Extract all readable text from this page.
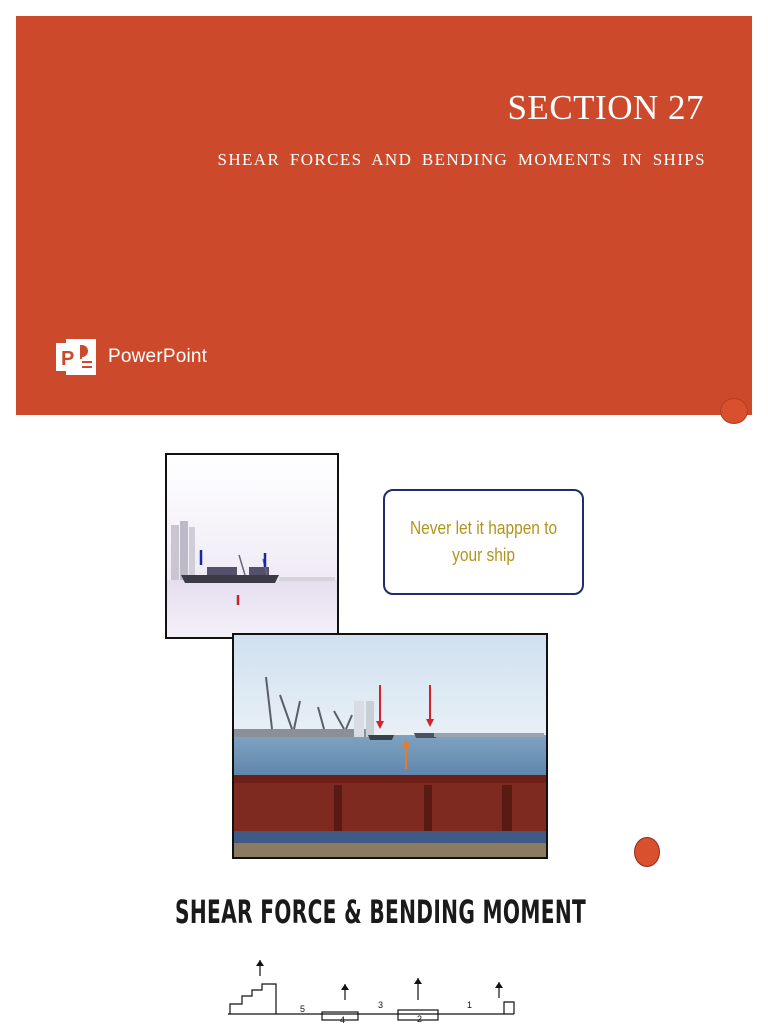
SECTION 27
SHEAR FORCES AND BENDING MOMENTS IN SHIPS
P PowerPoint
Never let it happen to
your ship
SHEAR FORCE & BENDING MOMENT
5
4
3
2
1
